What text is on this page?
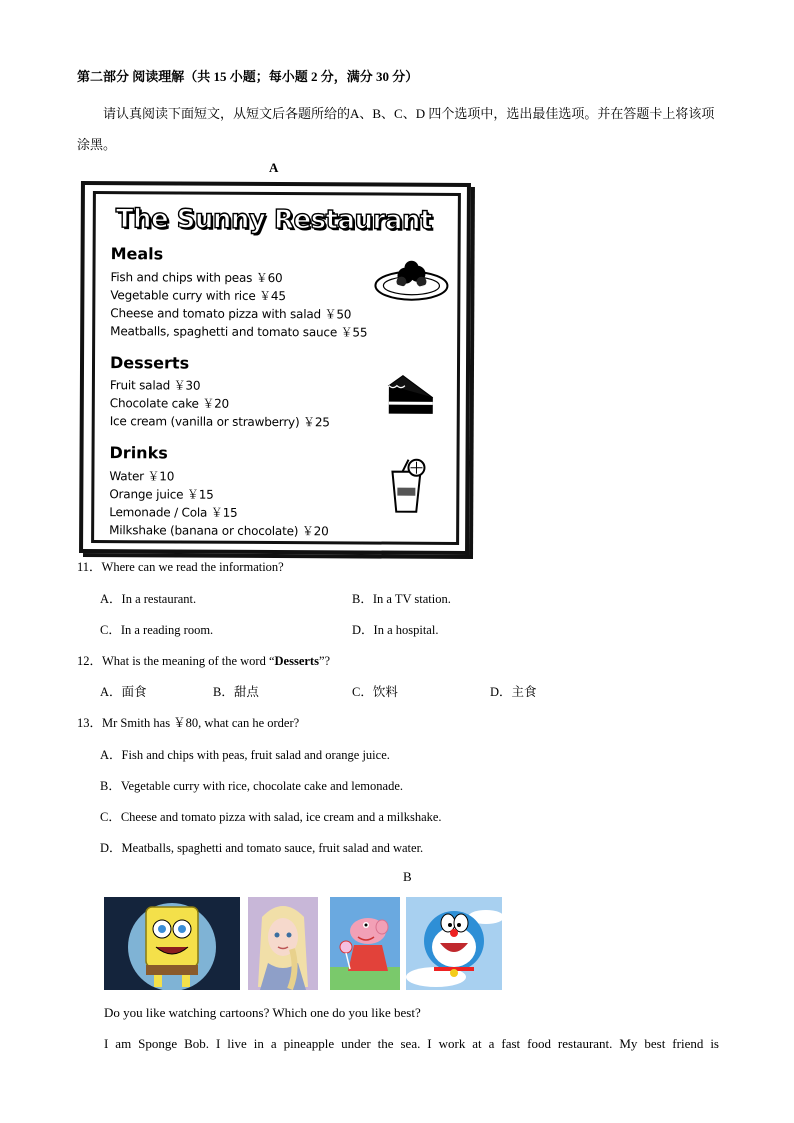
第二部分 阅读理解（共 15 小题；每小题 2 分，满分 30 分）
请认真阅读下面短文，从短文后各题所给的A、B、C、D 四个选项中，选出最佳选项。并在答题卡上将该项涂黑。
A
The Sunny Restaurant
Meals
Fish and chips with peas ￥60
Vegetable curry with rice ￥45
Cheese and tomato pizza with salad ￥50
Meatballs, spaghetti and tomato sauce ￥55
Desserts
Fruit salad ￥30
Chocolate cake ￥20
Ice cream (vanilla or strawberry) ￥25
Drinks
Water ￥10
Orange juice ￥15
Lemonade / Cola ￥15
Milkshake (banana or chocolate) ￥20
11．Where can we read the information?
A．In a restaurant.	B．In a TV station.
C．In a reading room.	D．In a hospital.
12．What is the meaning of the word “Desserts”?
A．面食	B．甜点	C．饮料	D．主食
13．Mr Smith has ￥80, what can he order?
A．Fish and chips with peas, fruit salad and orange juice.
B．Vegetable curry with rice, chocolate cake and lemonade.
C．Cheese and tomato pizza with salad, ice cream and a milkshake.
D．Meatballs, spaghetti and tomato sauce, fruit salad and water.
B
Do you like watching cartoons? Which one do you like best?
I am Sponge Bob. I live in a pineapple under the sea. I work at a fast food restaurant. My best friend is
